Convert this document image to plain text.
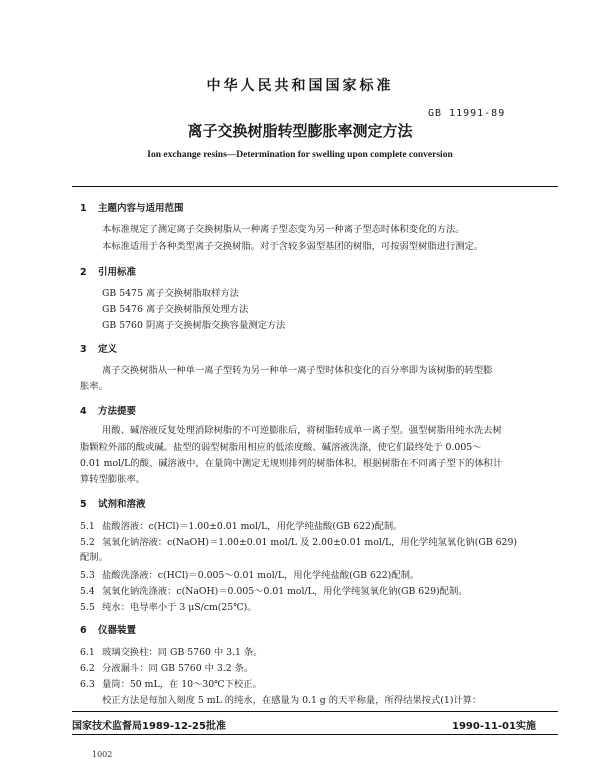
中华人民共和国国家标准
GB 11991-89
离子交换树脂转型膨胀率测定方法
Ion exchange resins—Determination for swelling upon complete conversion
1 主题内容与适用范围
本标准规定了测定离子交换树脂从一种离子型态变为另一种离子型态时体积变化的方法。
本标准适用于各种类型离子交换树脂。对于含较多弱型基团的树脂，可按弱型树脂进行测定。
2 引用标准
GB 5475 离子交换树脂取样方法
GB 5476 离子交换树脂预处理方法
GB 5760 阴离子交换树脂交换容量测定方法
3 定义
离子交换树脂从一种单一离子型转为另一种单一离子型时体积变化的百分率即为该树脂的转型膨
胀率。
4 方法提要
用酸、碱溶液反复处理消除树脂的不可逆膨胀后，将树脂转成单一离子型。强型树脂用纯水洗去树
脂颗粒外部的酸或碱。盐型的弱型树脂用相应的低浓度酸、碱溶液洗涤，使它们最终处于 0.005～
0.01 mol/L的酸、碱溶液中，在量筒中测定无规则排列的树脂体积，根据树脂在不同离子型下的体积计
算转型膨胀率。
5 试剂和溶液
5.1 盐酸溶液：c(HCl)＝1.00±0.01 mol/L，用化学纯盐酸(GB 622)配制。
5.2 氢氧化钠溶液：c(NaOH)＝1.00±0.01 mol/L 及 2.00±0.01 mol/L，用化学纯氢氧化钠(GB 629)
配制。
5.3 盐酸洗涤液：c(HCl)＝0.005～0.01 mol/L，用化学纯盐酸(GB 622)配制。
5.4 氢氧化钠洗涤液：c(NaOH)＝0.005～0.01 mol/L，用化学纯氢氧化钠(GB 629)配制。
5.5 纯水：电导率小于 3 μS/cm(25℃)。
6 仪器装置
6.1 玻璃交换柱：同 GB 5760 中 3.1 条。
6.2 分液漏斗：同 GB 5760 中 3.2 条。
6.3 量筒：50 mL，在 10～30℃下校正。
校正方法是每加入刻度 5 mL 的纯水，在感量为 0.1 g 的天平称量，所得结果按式(1)计算：
国家技术监督局1989-12-25批准	1990-11-01实施
1002
